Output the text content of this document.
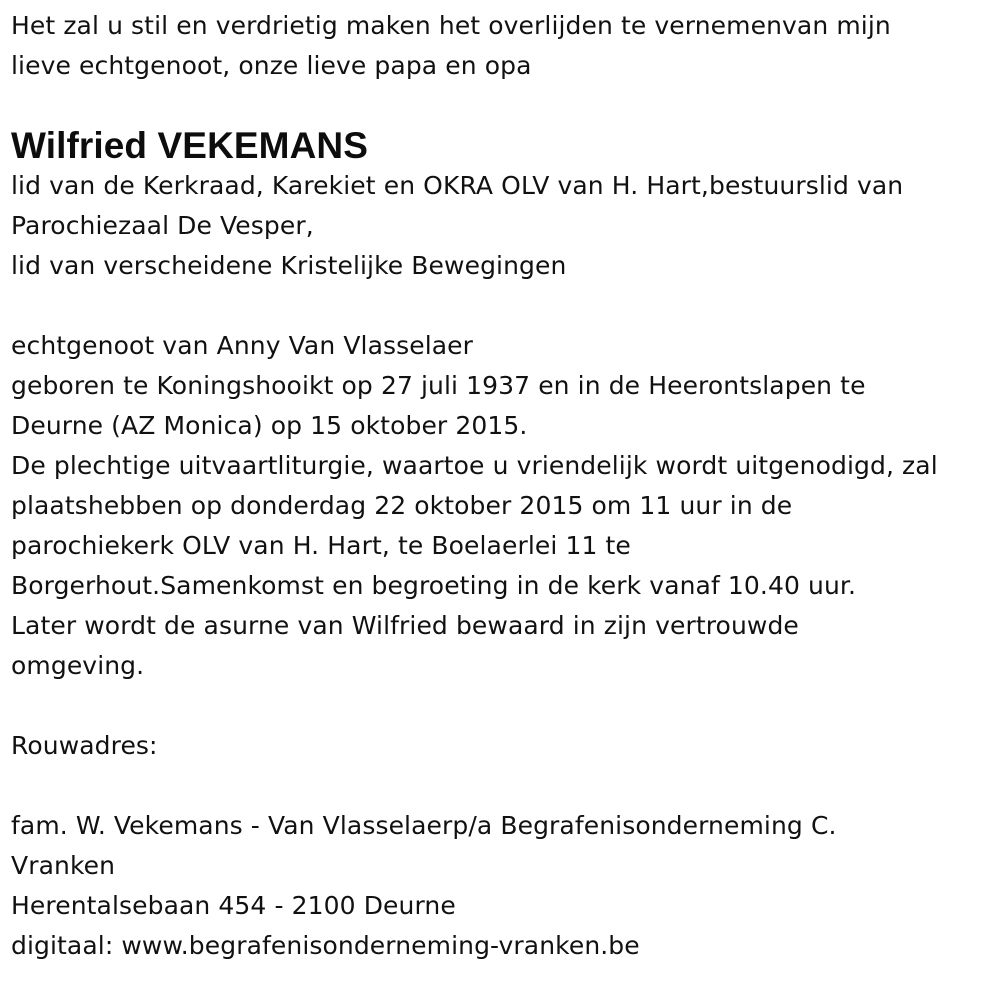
Het zal u stil en verdrietig maken het overlijden te vernemenvan mijn
lieve echtgenoot, onze lieve papa en opa
Wilfried VEKEMANS
lid van de Kerkraad, Karekiet en OKRA OLV van H. Hart,bestuurslid van
Parochiezaal De Vesper,
lid van verscheidene Kristelijke Bewegingen
echtgenoot van Anny Van Vlasselaer
geboren te Koningshooikt op 27 juli 1937 en in de Heerontslapen te
Deurne (AZ Monica) op 15 oktober 2015.
De plechtige uitvaartliturgie, waartoe u vriendelijk wordt uitgenodigd, zal
plaatshebben op donderdag 22 oktober 2015 om 11 uur in de
parochiekerk OLV van H. Hart, te Boelaerlei 11 te
Borgerhout.Samenkomst en begroeting in de kerk vanaf 10.40 uur.
Later wordt de asurne van Wilfried bewaard in zijn vertrouwde
omgeving.
Rouwadres:
fam. W. Vekemans - Van Vlasselaerp/a Begrafenisonderneming C.
Vranken
Herentalsebaan 454 - 2100 Deurne
digitaal: www.begrafenisonderneming-vranken.be
